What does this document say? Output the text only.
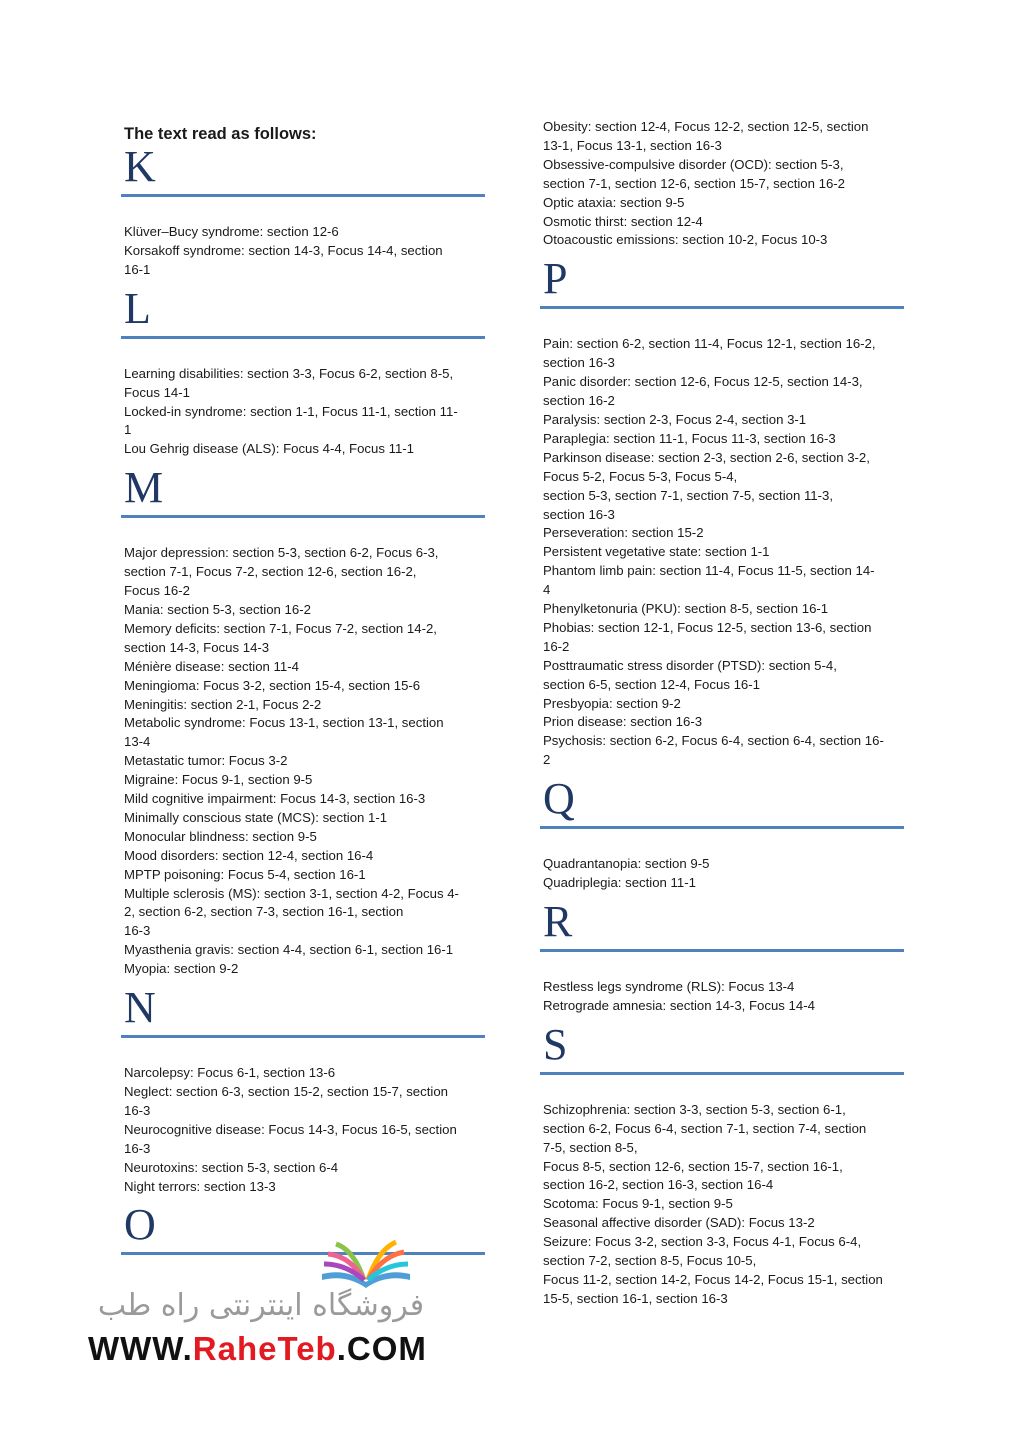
The text read as follows:

K

Klüver–Bucy syndrome: section 12-6

Korsakoff syndrome: section 14-3, Focus 14-4, section
16-1

L

Learning disabilities: section 3-3, Focus 6-2, section 8-5,
Focus 14-1

Locked-in syndrome: section 1-1, Focus 11-1, section 11-
1

Lou Gehrig disease (ALS): Focus 4-4, Focus 11-1

M

Major depression: section 5-3, section 6-2, Focus 6-3,
section 7-1, Focus 7-2, section 12-6, section 16-2,
Focus 16-2

Mania: section 5-3, section 16-2

Memory deficits: section 7-1, Focus 7-2, section 14-2,
section 14-3, Focus 14-3

Ménière disease: section 11-4

Meningioma: Focus 3-2, section 15-4, section 15-6

Meningitis: section 2-1, Focus 2-2

Metabolic syndrome: Focus 13-1, section 13-1, section
13-4

Metastatic tumor: Focus 3-2

Migraine: Focus 9-1, section 9-5

Mild cognitive impairment: Focus 14-3, section 16-3

Minimally conscious state (MCS): section 1-1

Monocular blindness: section 9-5

Mood disorders: section 12-4, section 16-4

MPTP poisoning: Focus 5-4, section 16-1

Multiple sclerosis (MS): section 3-1, section 4-2, Focus 4-
2, section 6-2, section 7-3, section 16-1, section
16-3

Myasthenia gravis: section 4-4, section 6-1, section 16-1

Myopia: section 9-2

N

Narcolepsy: Focus 6-1, section 13-6

Neglect: section 6-3, section 15-2, section 15-7, section
16-3

Neurocognitive disease: Focus 14-3, Focus 16-5, section
16-3

Neurotoxins: section 5-3, section 6-4

Night terrors: section 13-3

O

Obesity: section 12-4, Focus 12-2, section 12-5, section
13-1, Focus 13-1, section 16-3

Obsessive-compulsive disorder (OCD): section 5-3,
section 7-1, section 12-6, section 15-7, section 16-2

Optic ataxia: section 9-5

Osmotic thirst: section 12-4

Otoacoustic emissions: section 10-2, Focus 10-3

P

Pain: section 6-2, section 11-4, Focus 12-1, section 16-2,
section 16-3

Panic disorder: section 12-6, Focus 12-5, section 14-3,
section 16-2

Paralysis: section 2-3, Focus 2-4, section 3-1

Paraplegia: section 11-1, Focus 11-3, section 16-3

Parkinson disease: section 2-3, section 2-6, section 3-2,
Focus 5-2, Focus 5-3, Focus 5-4,
section 5-3, section 7-1, section 7-5, section 11-3,
section 16-3

Perseveration: section 15-2

Persistent vegetative state: section 1-1

Phantom limb pain: section 11-4, Focus 11-5, section 14-
4

Phenylketonuria (PKU): section 8-5, section 16-1

Phobias: section 12-1, Focus 12-5, section 13-6, section
16-2

Posttraumatic stress disorder (PTSD): section 5-4,
section 6-5, section 12-4, Focus 16-1

Presbyopia: section 9-2

Prion disease: section 16-3

Psychosis: section 6-2, Focus 6-4, section 6-4, section 16-
2

Q

Quadrantanopia: section 9-5

Quadriplegia: section 11-1

R

Restless legs syndrome (RLS): Focus 13-4

Retrograde amnesia: section 14-3, Focus 14-4

S

Schizophrenia: section 3-3, section 5-3, section 6-1,
section 6-2, Focus 6-4, section 7-1, section 7-4, section
7-5, section 8-5,
Focus 8-5, section 12-6, section 15-7, section 16-1,
section 16-2, section 16-3, section 16-4

Scotoma: Focus 9-1, section 9-5

Seasonal affective disorder (SAD): Focus 13-2

Seizure: Focus 3-2, section 3-3, Focus 4-1, Focus 6-4,
section 7-2, section 8-5, Focus 10-5,
Focus 11-2, section 14-2, Focus 14-2, Focus 15-1, section
15-5, section 16-1, section 16-3

فروشگاه اینترنتی راه طب
WWW.RaheTeb.COM
